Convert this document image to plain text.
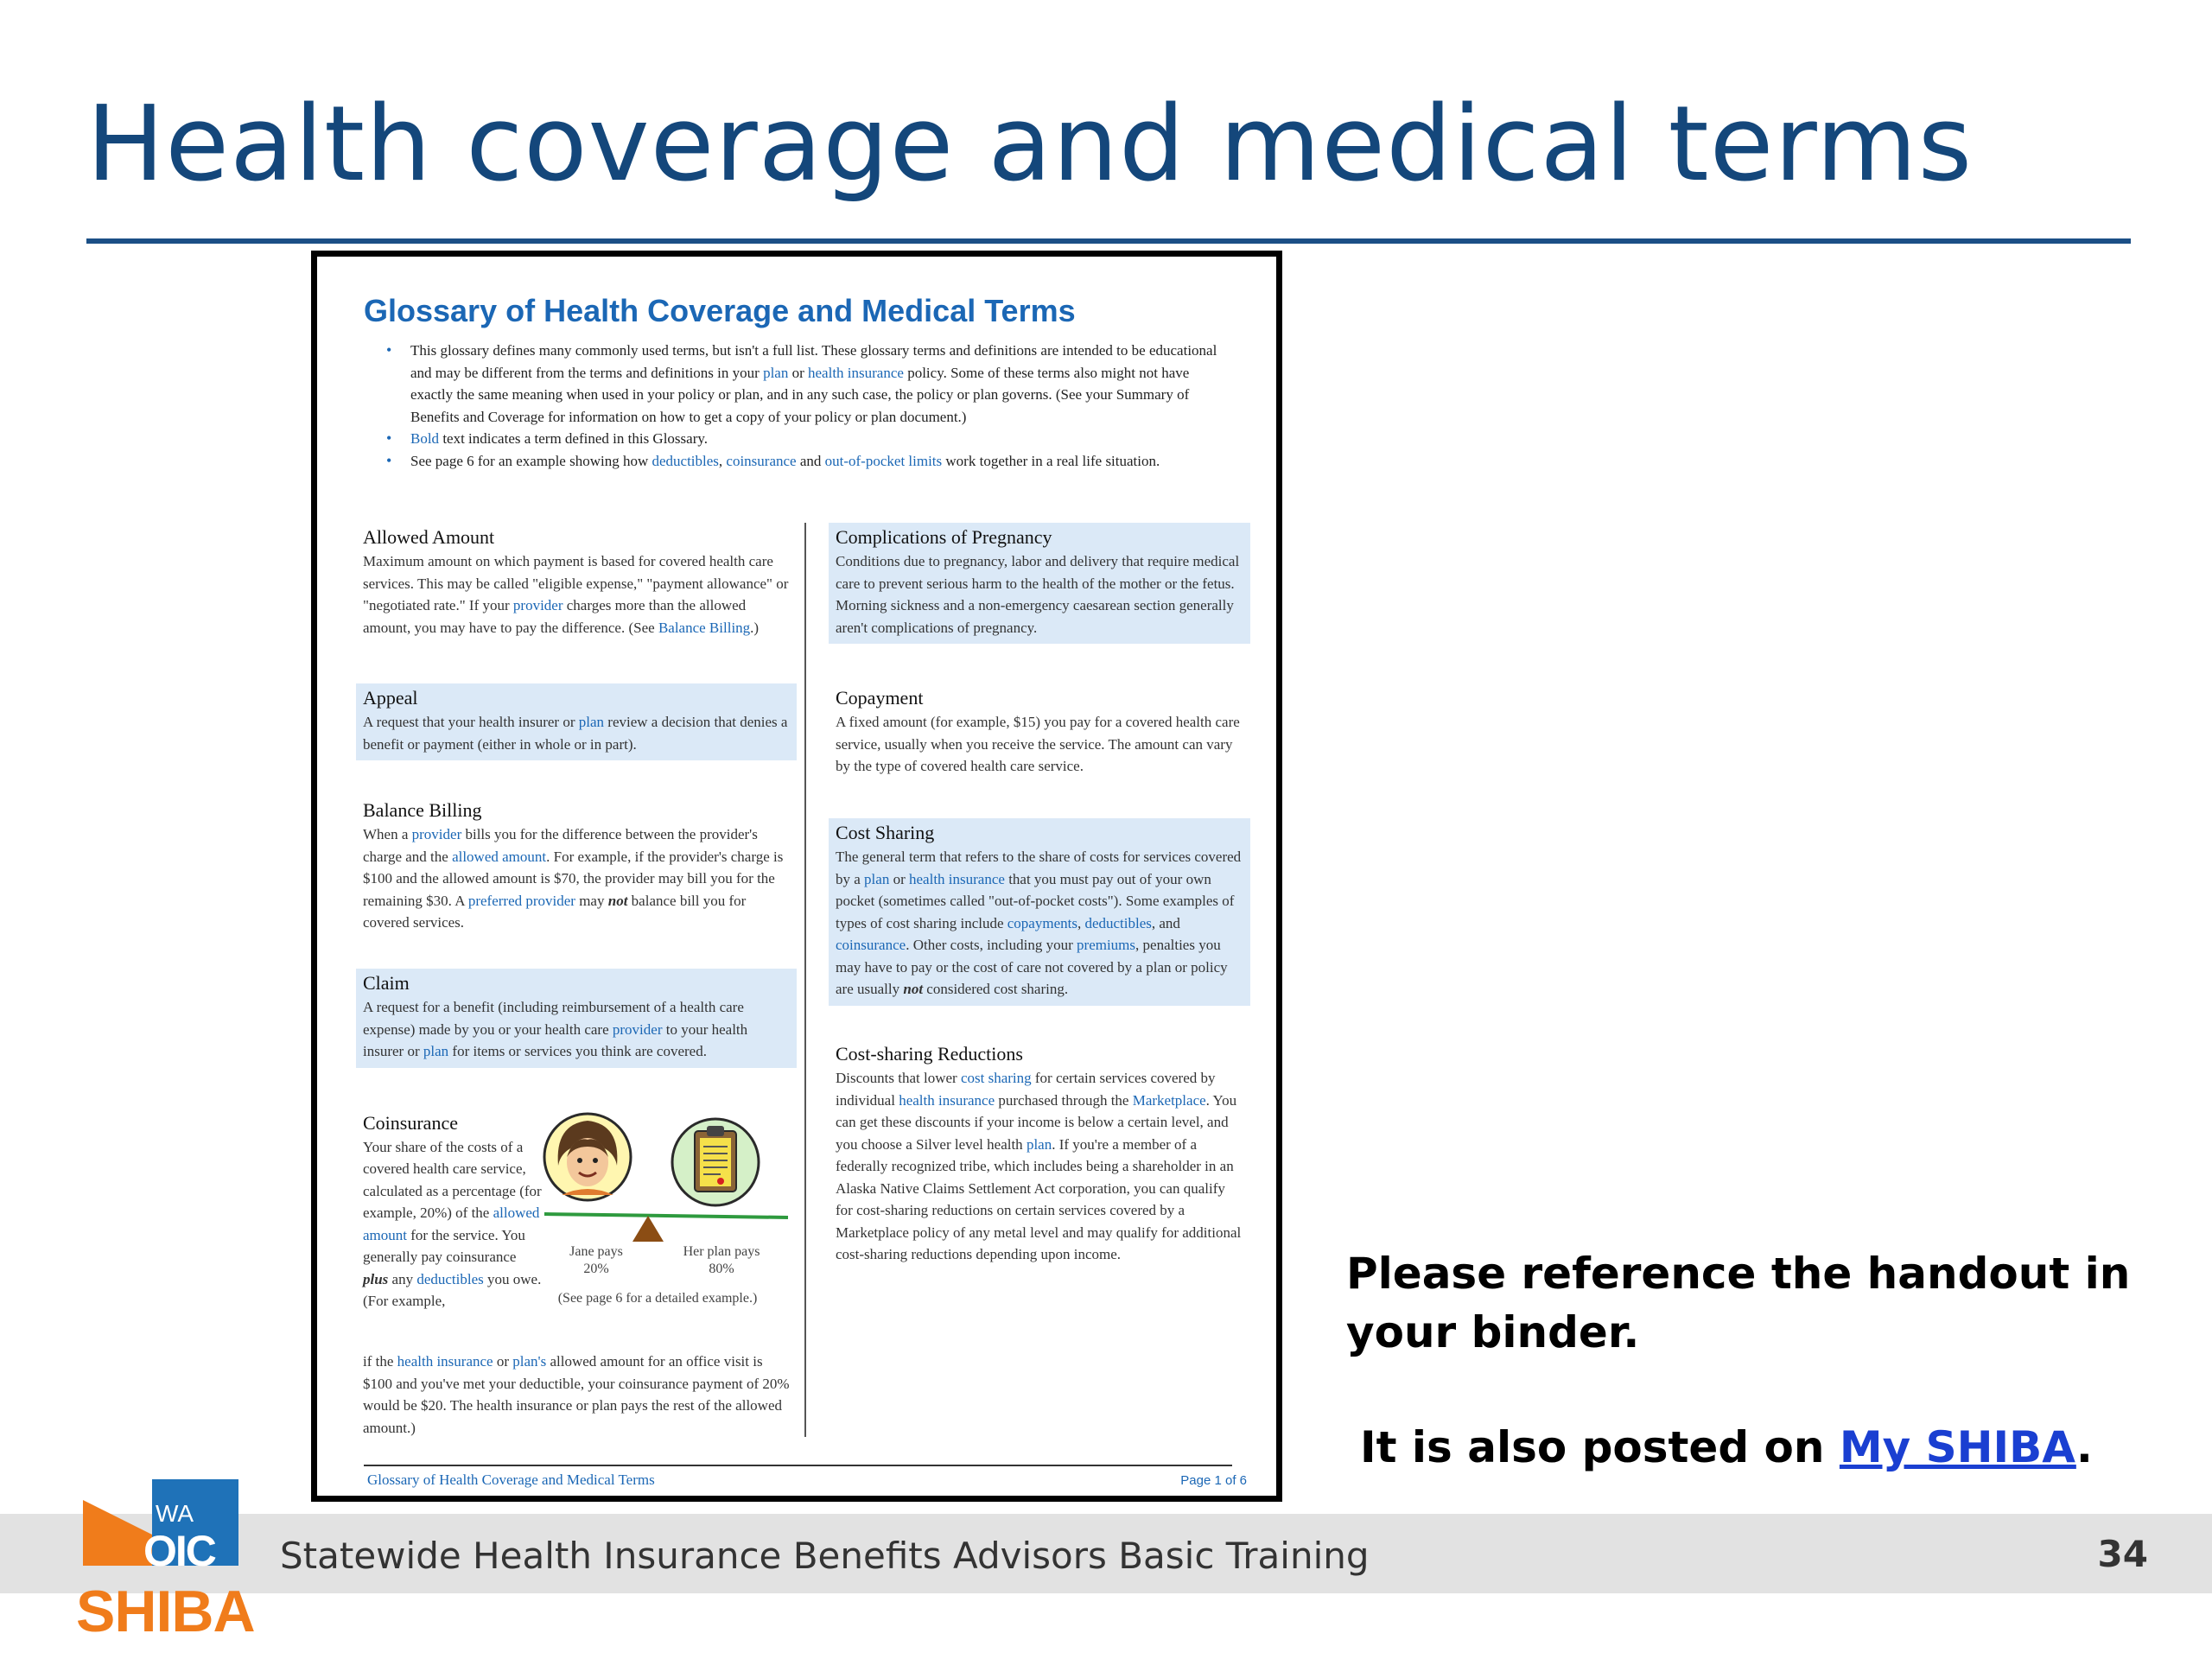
Health coverage and medical terms
Glossary of Health Coverage and Medical Terms
• This glossary defines many commonly used terms, but isn't a full list. These glossary terms and definitions are intended to be educational and may be different from the terms and definitions in your plan or health insurance policy. Some of these terms also might not have exactly the same meaning when used in your policy or plan, and in any such case, the policy or plan governs. (See your Summary of Benefits and Coverage for information on how to get a copy of your policy or plan document.)
• Bold text indicates a term defined in this Glossary.
• See page 6 for an example showing how deductibles, coinsurance and out-of-pocket limits work together in a real life situation.
Allowed Amount
Maximum amount on which payment is based for covered health care services. This may be called "eligible expense," "payment allowance" or "negotiated rate." If your provider charges more than the allowed amount, you may have to pay the difference. (See Balance Billing.)
Appeal
A request that your health insurer or plan review a decision that denies a benefit or payment (either in whole or in part).
Balance Billing
When a provider bills you for the difference between the provider's charge and the allowed amount. For example, if the provider's charge is $100 and the allowed amount is $70, the provider may bill you for the remaining $30. A preferred provider may not balance bill you for covered services.
Claim
A request for a benefit (including reimbursement of a health care expense) made by you or your health care provider to your health insurer or plan for items or services you think are covered.
Coinsurance
Your share of the costs of a covered health care service, calculated as a percentage (for example, 20%) of the allowed amount for the service. You generally pay coinsurance plus any deductibles you owe. (For example,
Jane pays
20%
Her plan pays
80%
(See page 6 for a detailed example.)
if the health insurance or plan's allowed amount for an office visit is $100 and you've met your deductible, your coinsurance payment of 20% would be $20. The health insurance or plan pays the rest of the allowed amount.)
Complications of Pregnancy
Conditions due to pregnancy, labor and delivery that require medical care to prevent serious harm to the health of the mother or the fetus. Morning sickness and a non-emergency caesarean section generally aren't complications of pregnancy.
Copayment
A fixed amount (for example, $15) you pay for a covered health care service, usually when you receive the service. The amount can vary by the type of covered health care service.
Cost Sharing
The general term that refers to the share of costs for services covered by a plan or health insurance that you must pay out of your own pocket (sometimes called "out-of-pocket costs"). Some examples of types of cost sharing include copayments, deductibles, and coinsurance. Other costs, including your premiums, penalties you may have to pay or the cost of care not covered by a plan or policy are usually not considered cost sharing.
Cost-sharing Reductions
Discounts that lower cost sharing for certain services covered by individual health insurance purchased through the Marketplace. You can get these discounts if your income is below a certain level, and you choose a Silver level health plan. If you're a member of a federally recognized tribe, which includes being a shareholder in an Alaska Native Claims Settlement Act corporation, you can qualify for cost-sharing reductions on certain services covered by a Marketplace policy of any metal level and may qualify for additional cost-sharing reductions depending upon income.
Glossary of Health Coverage and Medical Terms	Page 1 of 6

Please reference the handout in your binder.

It is also posted on My SHIBA.
Statewide Health Insurance Benefits Advisors Basic Training	34
WA
OIC
SHIBA
